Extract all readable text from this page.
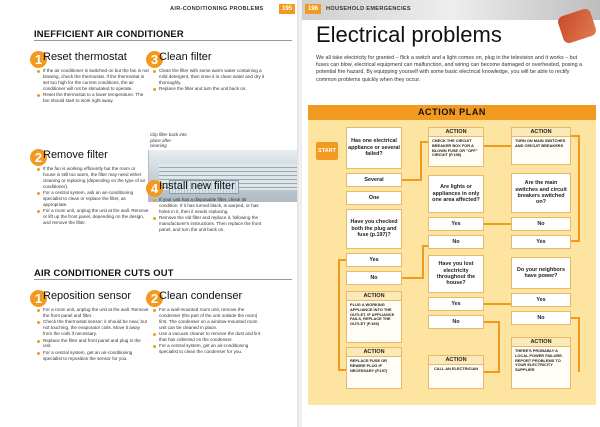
AIR-CONDITIONING PROBLEMS	195
INEFFICIENT AIR CONDITIONER
1 Reset thermostat
If the air conditioner is switched on but the fan is not blowing, check the thermostat. If the thermostat is set too high for the current conditions, the air conditioner will not be stimulated to operate.
Reset the thermostat to a lower temperature. The fan should start to work right away.
2 Remove filter
If the fan is working efficiently but the room or house is still too warm, the filter may need either cleaning or replacing (depending on the type of air conditioner).
For a central system, ask an air-conditioning specialist to clean or replace the filter, as appropriate.
For a room unit, unplug the unit at the wall. Remove or lift up the front panel, depending on the design, and remove the filter.
3 Clean filter
Clean the filter with some warm water containing a mild detergent, then rinse it in clean water and dry it thoroughly.
Replace the filter and turn the unit back on.
Clip filter back into place after cleaning
4 Install new filter
If your unit has a disposable filter, check its condition. If it has turned black, is warped, or has holes in it, then it needs replacing.
Remove the old filter and replace it, following the manufacturer's instructions. Then replace the front panel, and turn the unit back on.
AIR CONDITIONER CUTS OUT
1 Reposition sensor
For a room unit, unplug the unit at the wall. Remove the front panel and filter.
Check the thermostat sensor; it should be near, but not touching, the evaporator coils. Move it away from the coils if necessary.
Replace the filter and front panel and plug in the unit.
For a central system, get an air-conditioning specialist to reposition the sensor for you.
2 Clean condenser
For a wall-mounted room unit, remove the condenser (the part of the unit outside the room) first. The condenser on a window-mounted room unit can be cleaned in place.
Use a vacuum cleaner to remove the dust and lint that has collected on the condenser.
For a central system, get an air-conditioning specialist to clean the condenser for you.
196	HOUSEHOLD EMERGENCIES
Electrical problems
We all take electricity for granted – flick a switch and a light comes on, plug in the television and it works – but fuses can blow, electrical equipment can malfunction, and wiring can become damaged or overheated, posing a potential fire hazard. By equipping yourself with some basic electrical knowledge, you will be able to rectify common problems quickly when they occur.
ACTION PLAN
Has one electrical appliance or several failed?
Several
One
Have you checked both the plug and fuse (p.197)?
Yes
No
ACTION
PLUG A WORKING APPLIANCE INTO THE OUTLET. IF APPLIANCE FAILS, REPLACE THE OUTLET (P.199)
ACTION
REPLACE FUSE OR REWIRE PLUG IF NECESSARY (P.197)
ACTION
CHECK THE CIRCUIT BREAKER BOX FOR A BLOWN FUSE OR "OFF" CIRCUIT (P.198)
Are lights or appliances in only one area affected?
Yes
No
Have you lost electricity throughout the house?
Yes
No
ACTION
CALL AN ELECTRICIAN
ACTION
TURN ON MAIN SWITCHES AND CIRCUIT BREAKERS
Are the main switches and circuit breakers switched on?
No
Yes
Do your neighbors have power?
Yes
No
ACTION
THERE'S PROBABLY A LOCAL POWER FAILURE. REPORT PROBLEMS TO YOUR ELECTRICITY SUPPLIER
START
